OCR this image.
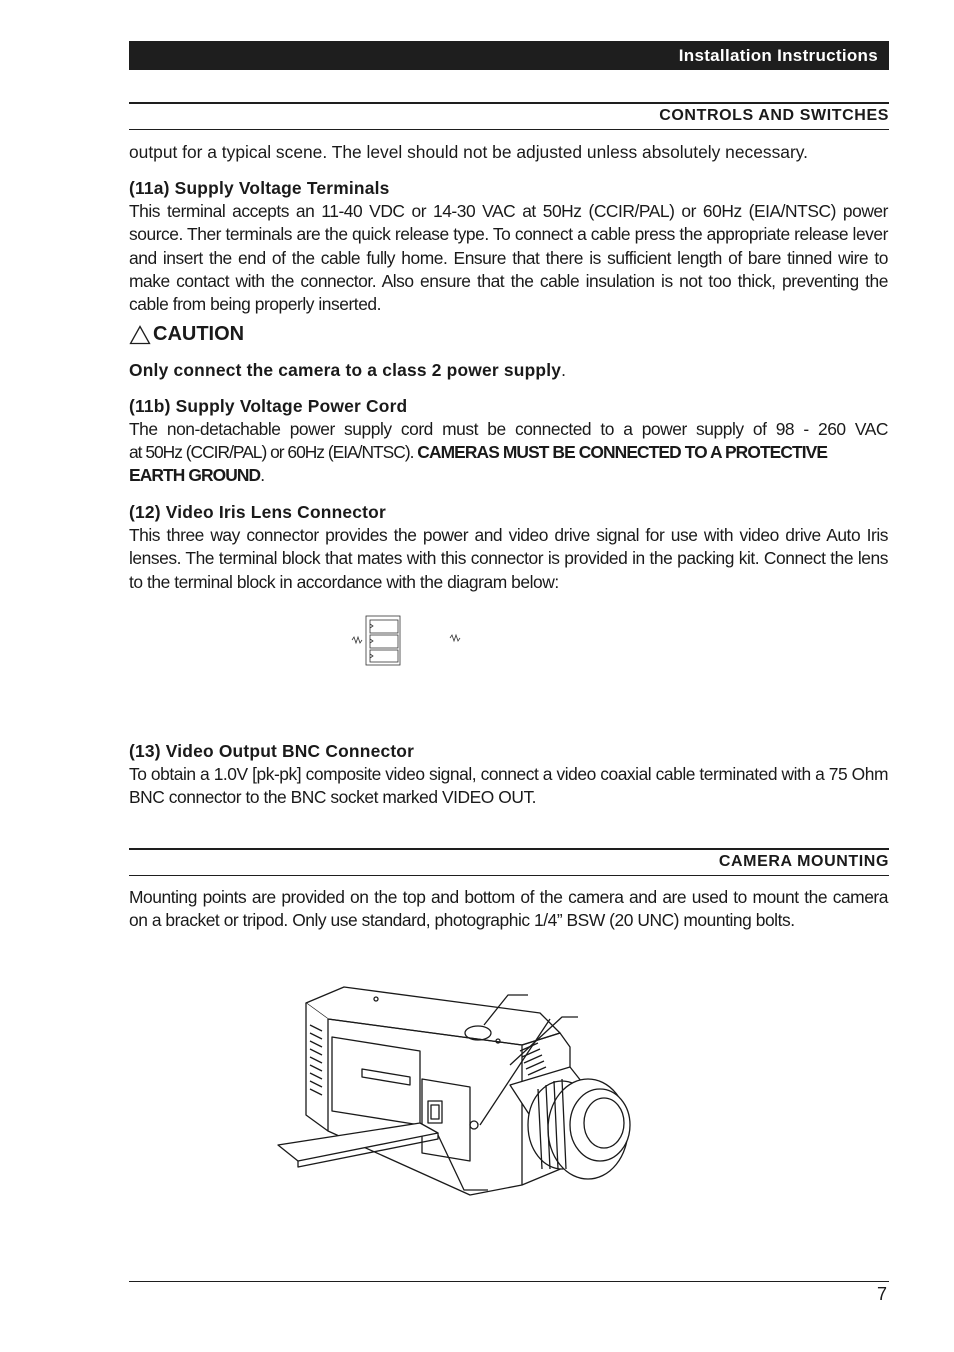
Installation Instructions
CONTROLS AND SWITCHES
output for a typical scene. The level should not be adjusted unless absolutely necessary.
(11a) Supply Voltage Terminals
This terminal accepts an 11-40 VDC or 14-30 VAC at 50Hz (CCIR/PAL) or 60Hz (EIA/NTSC) power source. Ther terminals are the quick release type. To connect a cable press the appropriate release lever and insert the end of the cable fully home. Ensure that there is sufficient length of bare tinned wire to make contact with the connector. Also ensure that the cable insulation is not too thick, preventing the cable from being properly inserted.
CAUTION
Only connect the camera to a class 2 power supply.
(11b) Supply Voltage Power Cord
The non-detachable power supply cord must be connected to a power supply of 98 - 260 VAC
at 50Hz (CCIR/PAL) or 60Hz (EIA/NTSC). CAMERAS MUST BE CONNECTED TO A PROTECTIVE
EARTH GROUND.
(12) Video Iris Lens Connector
This three way connector provides the power and video drive signal for use with video drive Auto Iris lenses. The terminal block that mates with this connector is provided in the packing kit. Connect the lens to the terminal block in accordance with the diagram below:
(13) Video Output BNC Connector
To obtain a 1.0V [pk-pk] composite video signal, connect a video coaxial cable terminated with a 75 Ohm BNC connector to the BNC socket marked VIDEO OUT.
CAMERA MOUNTING
Mounting points are provided on the top and bottom of the camera and are used to mount the camera on a bracket or tripod. Only use standard, photographic 1/4” BSW (20 UNC) mounting bolts.
7
